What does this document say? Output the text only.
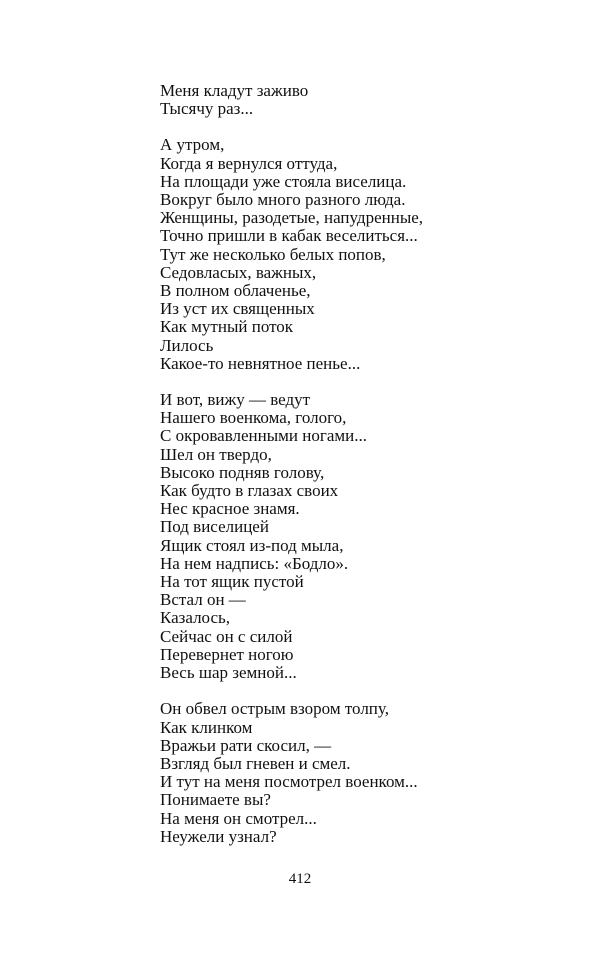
Меня кладут заживо
Тысячу раз...
А утром,
Когда я вернулся оттуда,
На площади уже стояла виселица.
Вокруг было много разного люда.
Женщины, разодетые, напудренные,
Точно пришли в кабак веселиться...
Тут же несколько белых попов,
Седовласых, важных,
В полном облаченье,
Из уст их священных
Как мутный поток
Лилось
Какое-то невнятное пенье...
И вот, вижу — ведут
Нашего военкома, голого,
С окровавленными ногами...
Шел он твердо,
Высоко подняв голову,
Как будто в глазах своих
Нес красное знамя.
Под виселицей
Ящик стоял из-под мыла,
На нем надпись: «Бодло».
На тот ящик пустой
Встал он —
Казалось,
Сейчас он с силой
Перевернет ногою
Весь шар земной...
Он обвел острым взором толпу,
Как клинком
Вражьи рати скосил, —
Взгляд был гневен и смел.
И тут на меня посмотрел военком...
Понимаете вы?
На меня он смотрел...
Неужели узнал?
412
